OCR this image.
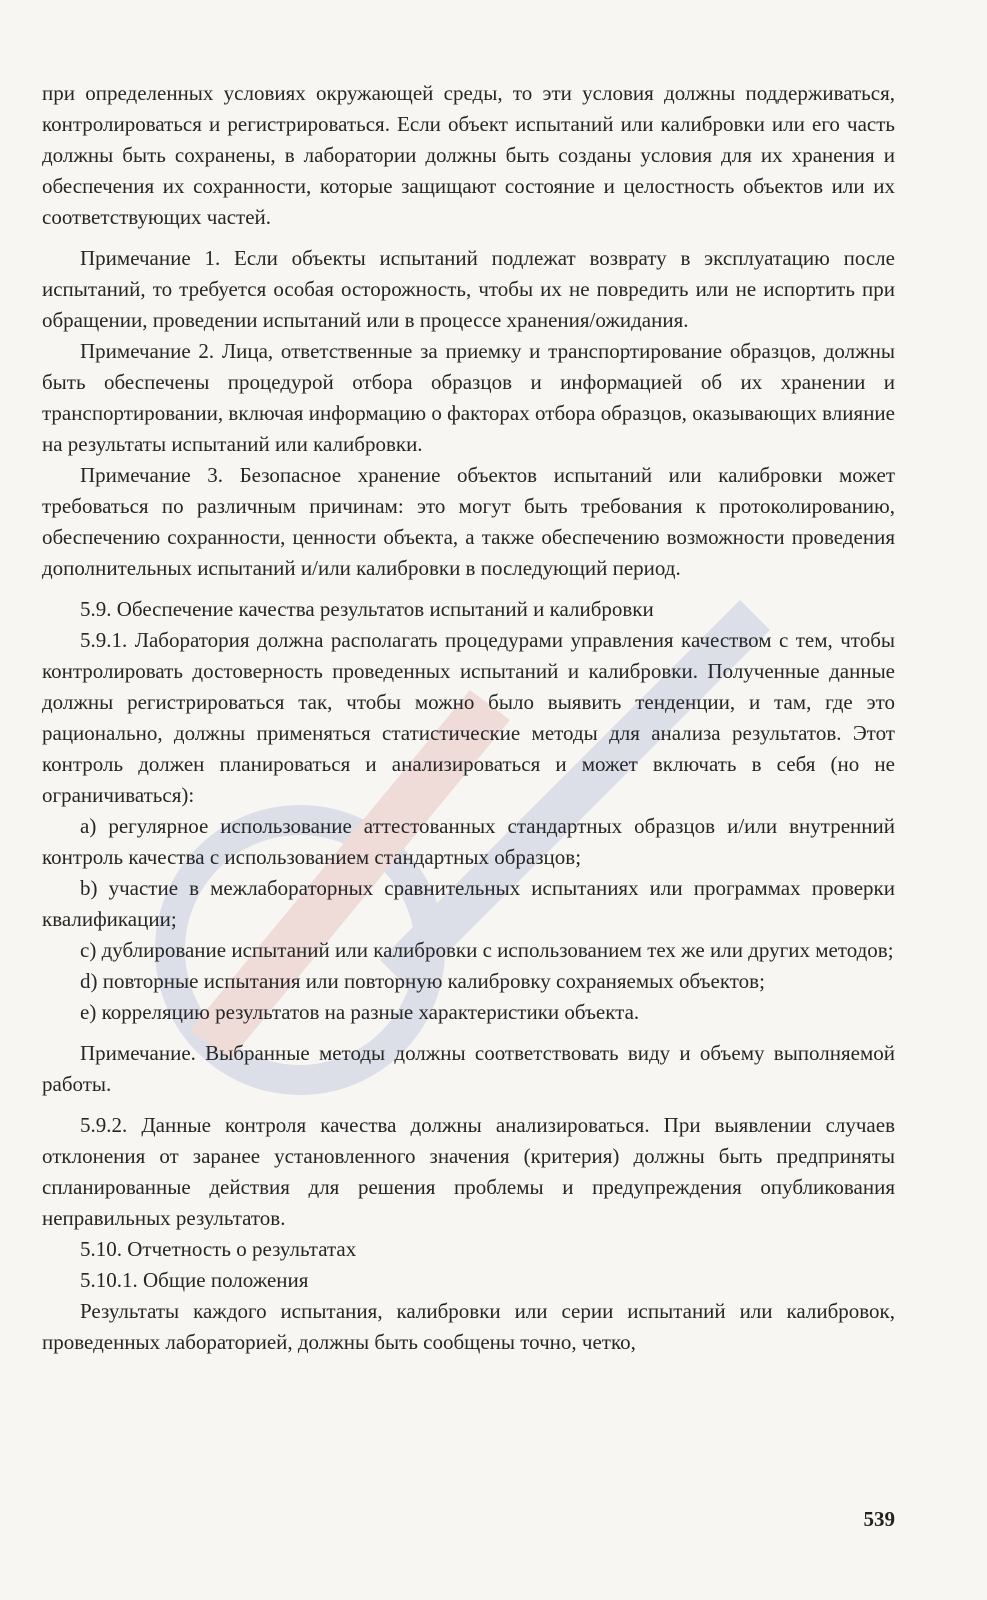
при определенных условиях окружающей среды, то эти условия должны поддерживаться, контролироваться и регистрироваться. Если объект испытаний или калибровки или его часть должны быть сохранены, в лаборатории должны быть созданы условия для их хранения и обеспечения их сохранности, которые защищают состояние и целостность объектов или их соответствующих частей.

Примечание 1. Если объекты испытаний подлежат возврату в эксплуатацию после испытаний, то требуется особая осторожность, чтобы их не повредить или не испортить при обращении, проведении испытаний или в процессе хранения/ожидания.

Примечание 2. Лица, ответственные за приемку и транспортирование образцов, должны быть обеспечены процедурой отбора образцов и информацией об их хранении и транспортировании, включая информацию о факторах отбора образцов, оказывающих влияние на результаты испытаний или калибровки.

Примечание 3. Безопасное хранение объектов испытаний или калибровки может требоваться по различным причинам: это могут быть требования к протоколированию, обеспечению сохранности, ценности объекта, а также обеспечению возможности проведения дополнительных испытаний и/или калибровки в последующий период.

5.9. Обеспечение качества результатов испытаний и калибровки

5.9.1. Лаборатория должна располагать процедурами управления качеством с тем, чтобы контролировать достоверность проведенных испытаний и калибровки. Полученные данные должны регистрироваться так, чтобы можно было выявить тенденции, и там, где это рационально, должны применяться статистические методы для анализа результатов. Этот контроль должен планироваться и анализироваться и может включать в себя (но не ограничиваться):

a) регулярное использование аттестованных стандартных образцов и/или внутренний контроль качества с использованием стандартных образцов;

b) участие в межлабораторных сравнительных испытаниях или программах проверки квалификации;

c) дублирование испытаний или калибровки с использованием тех же или других методов;

d) повторные испытания или повторную калибровку сохраняемых объектов;

e) корреляцию результатов на разные характеристики объекта.

Примечание. Выбранные методы должны соответствовать виду и объему выполняемой работы.

5.9.2. Данные контроля качества должны анализироваться. При выявлении случаев отклонения от заранее установленного значения (критерия) должны быть предприняты спланированные действия для решения проблемы и предупреждения опубликования неправильных результатов.

5.10. Отчетность о результатах

5.10.1. Общие положения

Результаты каждого испытания, калибровки или серии испытаний или калибровок, проведенных лабораторией, должны быть сообщены точно, четко,

539
